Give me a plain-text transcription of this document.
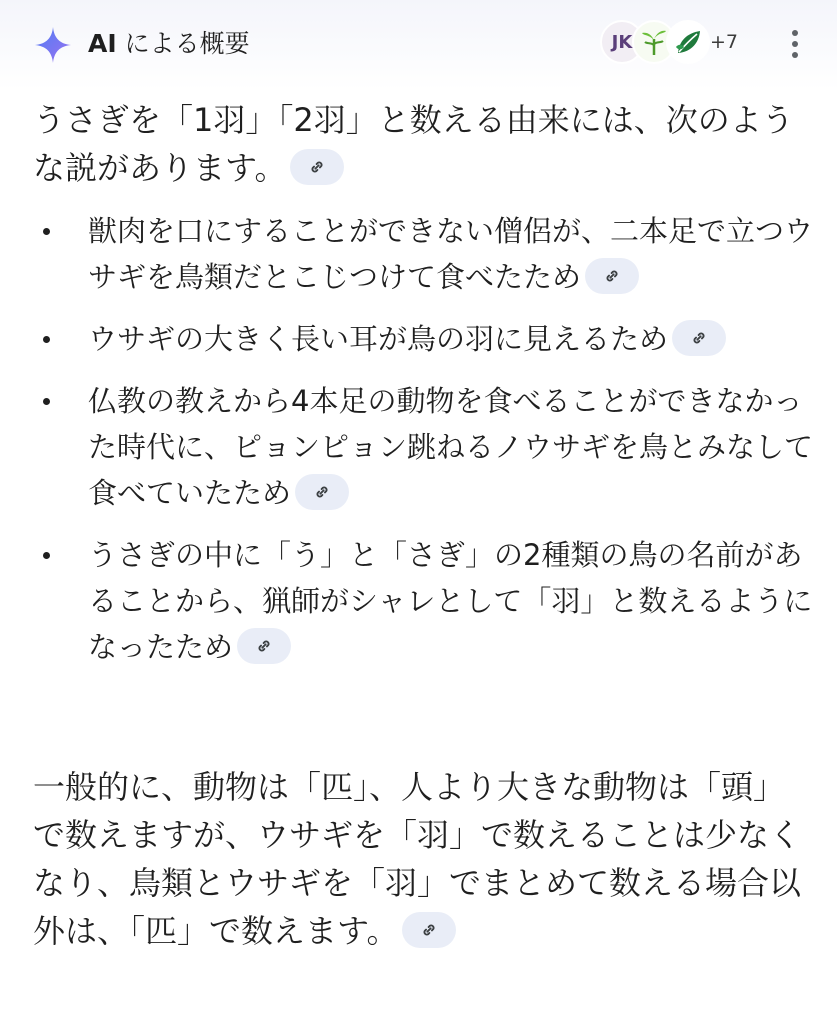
AI による概要	JK	+7
うさぎを「1羽」「2羽」と数える由来には、次のような説があります。
獣肉を口にすることができない僧侶が、二本足で立つウサギを鳥類だとこじつけて食べたため
ウサギの大きく長い耳が鳥の羽に見えるため
仏教の教えから4本足の動物を食べることができなかった時代に、ピョンピョン跳ねるノウサギを鳥とみなして食べていたため
うさぎの中に「う」と「さぎ」の2種類の鳥の名前があることから、猟師がシャレとして「羽」と数えるようになったため
一般的に、動物は「匹」、人より大きな動物は「頭」で数えますが、ウサギを「羽」で数えることは少なくなり、鳥類とウサギを「羽」でまとめて数える場合以外は、「匹」で数えます。
